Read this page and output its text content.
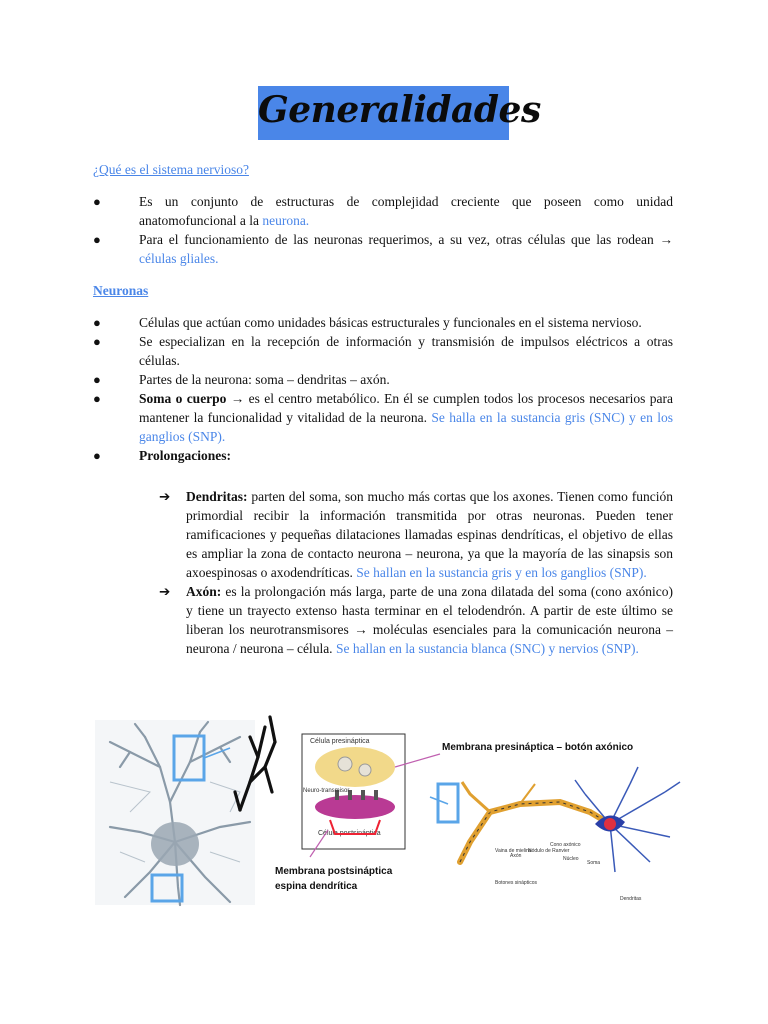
Generalidades
¿Qué es el sistema nervioso?
●	Es un conjunto de estructuras de complejidad creciente que poseen como unidad anatomofuncional a la neurona.
●	Para el funcionamiento de las neuronas requerimos, a su vez, otras células que las rodean → células gliales.
Neuronas
●	Células que actúan como unidades básicas estructurales y funcionales en el sistema nervioso.
●	Se especializan en la recepción de información y transmisión de impulsos eléctricos a otras células.
●	Partes de la neurona: soma – dendritas – axón.
●	Soma o cuerpo → es el centro metabólico. En él se cumplen todos los procesos necesarios para mantener la funcionalidad y vitalidad de la neurona. Se halla en la sustancia gris (SNC) y en los ganglios (SNP).
●	Prolongaciones:
➔ Dendritas: parten del soma, son mucho más cortas que los axones. Tienen como función primordial recibir la información transmitida por otras neuronas. Pueden tener ramificaciones y pequeñas dilataciones llamadas espinas dendríticas, el objetivo de ellas es ampliar la zona de contacto neurona – neurona, ya que la mayoría de las sinapsis son axoespinosas o axodendríticas. Se hallan en la sustancia gris y en los ganglios (SNP).
➔ Axón: es la prolongación más larga, parte de una zona dilatada del soma (cono axónico) y tiene un trayecto extenso hasta terminar en el telodendrón. A partir de este último se liberan los neurotransmisores → moléculas esenciales para la comunicación neurona – neurona / neurona – célula. Se hallan en la sustancia blanca (SNC) y nervios (SNP).
Célula presináptica
Neuro-transmisor
Célula postsináptica
Membrana presináptica – botón axónico
Membrana postsináptica
espina dendrítica
Vaina de mielina
Axón
Nódulo de Ranvier
Cono axónico
Núcleo
Soma
Dendritas
Botones sinápticos
